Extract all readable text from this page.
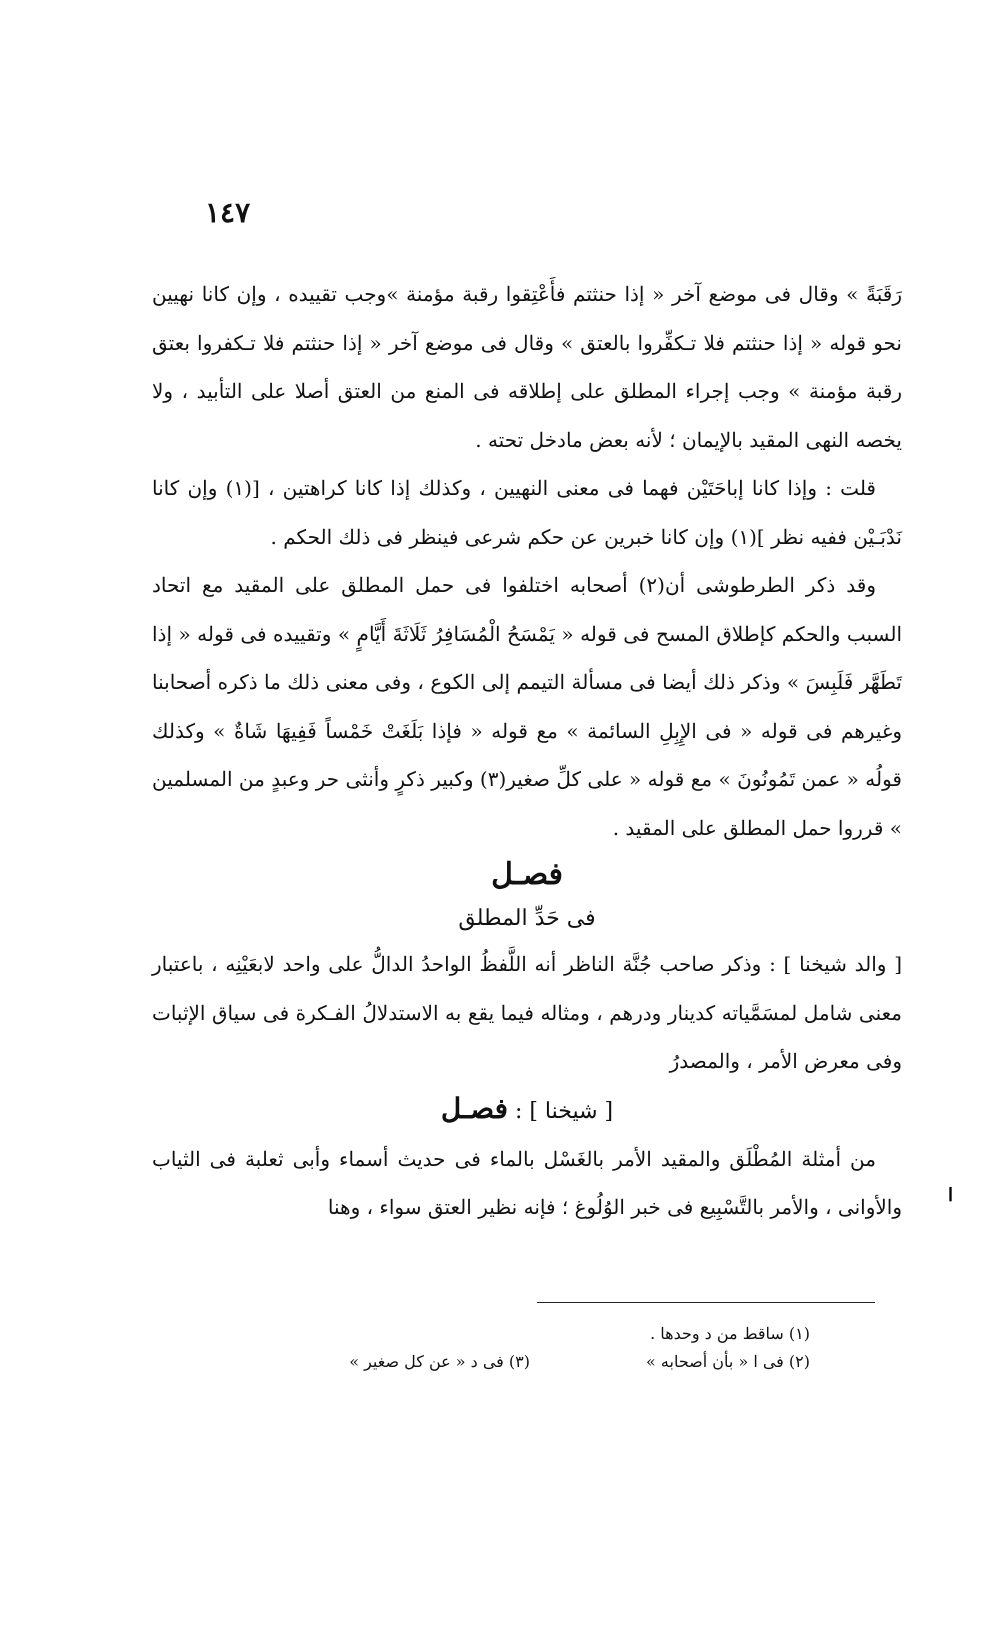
١٤٧

رَقَبَةً » وقال فى موضع آخر « إذا حنثتم فأَعْتِقوا رقبة مؤمنة »وجب تقييده ، وإن كانا نهيين نحو قوله « إذا حنثتم فلا تـكفِّروا بالعتق » وقال فى موضع آخر « إذا حنثتم فلا تـكفروا بعتق رقبة مؤمنة » وجب إجراء المطلق على إطلاقه فى المنع من العتق أصلا على التأبيد ، ولا يخصه النهى المقيد بالإيمان ؛ لأنه بعض مادخل تحته .

قلت : وإذا كانا إباحَتَيْن فهما فى معنى النهيين ، وكذلك إذا كانا كراهتين ، [(١) وإن كانا نَدْبَـيْن ففيه نظر ](١) وإن كانا خبرين عن حكم شرعى فينظر فى ذلك الحكم .

وقد ذكر الطرطوشى أن(٢) أصحابه اختلفوا فى حمل المطلق على المقيد مع اتحاد السبب والحكم كإطلاق المسح فى قوله « يَمْسَحُ الْمُسَافِرُ ثَلَاثَةَ أَيَّامٍ » وتقييده فى قوله « إذا تَطَهَّر فَلَبِسَ » وذكر ذلك أيضا فى مسألة التيمم إلى الكوع ، وفى معنى ذلك ما ذكره أصحابنا وغيرهم فى قوله « فى الإِبِلِ السائمة » مع قوله « فإذا بَلَغَتْ خَمْساً فَفِيهَا شَاةٌ » وكذلك قولُه « عمن تَمُونُونَ » مع قوله « على كلِّ صغير(٣) وكبير ذكرٍ وأنثى حر وعبدٍ من المسلمين » قرروا حمل المطلق على المقيد .

فصـل

فى حَدِّ المطلق

[ والد شيخنا ] : وذكر صاحب جُنَّة الناظر أنه اللَّفظُ الواحدُ الدالُّ على واحد لابعَيْنِه ، باعتبار معنى شامل لمسَمَّياته كدينار ودرهم ، ومثاله فيما يقع به الاستدلالُ الفـكرة فى سياق الإثبات وفى معرض الأمر ، والمصدرُ

[ شيخنا ] : فصـل

من أمثلة المُطْلَق والمقيد الأمر بالغَسْل بالماء فى حديث أسماء وأبى ثعلبة فى الثياب والأوانى ، والأمر بالتَّسْبِيع فى خبر الوُلُوغ ؛ فإنه نظير العتق سواء ، وهنا	ا
(١) ساقط من د وحدها .
(٢) فى ا « بأن أصحابه »
(٣) فى د « عن كل صغير »
